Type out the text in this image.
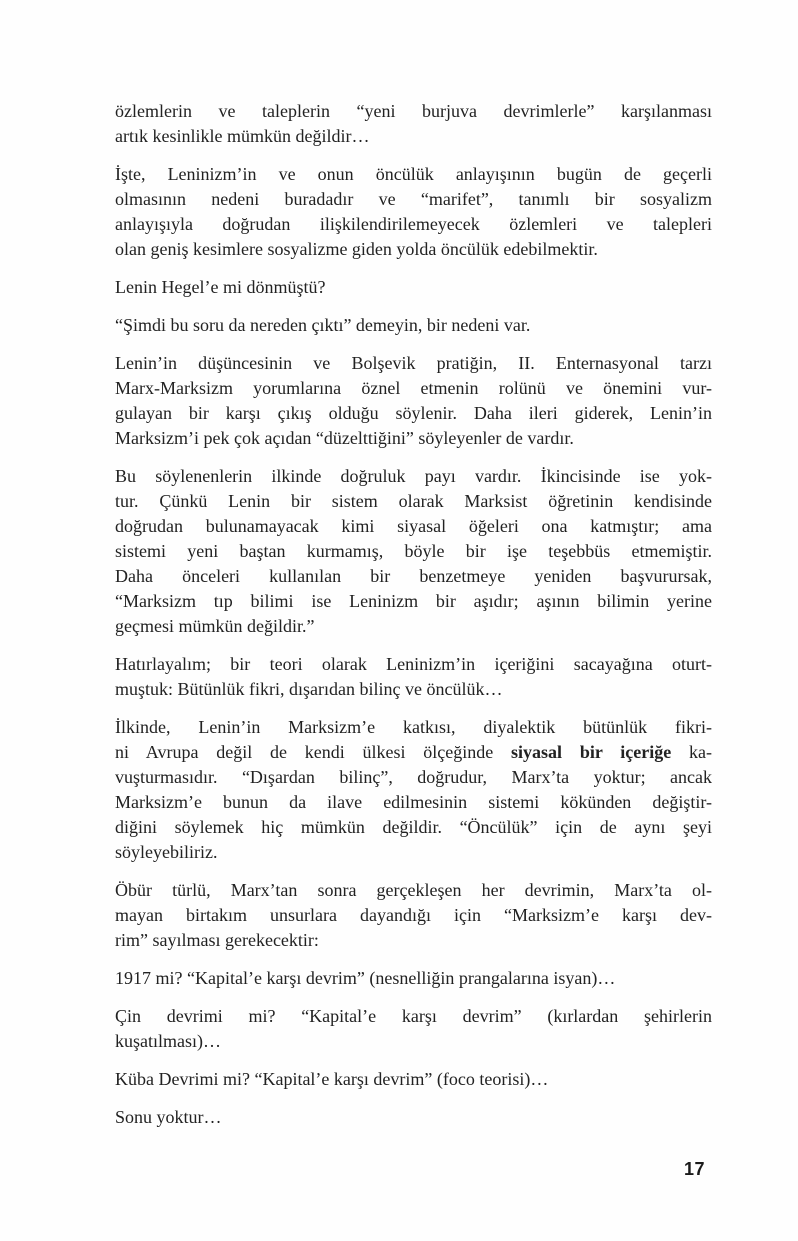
özlemlerin ve taleplerin “yeni burjuva devrimlerle” karşılanması
artık kesinlikle mümkün değildir…
İşte, Leninizm’in ve onun öncülük anlayışının bugün de geçerli
olmasının nedeni buradadır ve “marifet”, tanımlı bir sosyalizm
anlayışıyla doğrudan ilişkilendirilemeyecek özlemleri ve talepleri
olan geniş kesimlere sosyalizme giden yolda öncülük edebilmektir.
Lenin Hegel’e mi dönmüştü?
“Şimdi bu soru da nereden çıktı” demeyin, bir nedeni var.
Lenin’in düşüncesinin ve Bolşevik pratiğin, II. Enternasyonal tarzı
Marx-Marksizm yorumlarına öznel etmenin rolünü ve önemini vur-
gulayan bir karşı çıkış olduğu söylenir. Daha ileri giderek, Lenin’in
Marksizm’i pek çok açıdan “düzelttiğini” söyleyenler de vardır.
Bu söylenenlerin ilkinde doğruluk payı vardır. İkincisinde ise yok-
tur. Çünkü Lenin bir sistem olarak Marksist öğretinin kendisinde
doğrudan bulunamayacak kimi siyasal öğeleri ona katmıştır; ama
sistemi yeni baştan kurmamış, böyle bir işe teşebbüs etmemiştir.
Daha önceleri kullanılan bir benzetmeye yeniden başvurursak,
“Marksizm tıp bilimi ise Leninizm bir aşıdır; aşının bilimin yerine
geçmesi mümkün değildir.”
Hatırlayalım; bir teori olarak Leninizm’in içeriğini sacayağına oturt-
muştuk: Bütünlük fikri, dışarıdan bilinç ve öncülük…
İlkinde, Lenin’in Marksizm’e katkısı, diyalektik bütünlük fikri-
ni Avrupa değil de kendi ülkesi ölçeğinde siyasal bir içeriğe ka-
vuşturmasıdır. “Dışardan bilinç”, doğrudur, Marx’ta yoktur; ancak
Marksizm’e bunun da ilave edilmesinin sistemi kökünden değiştir-
diğini söylemek hiç mümkün değildir. “Öncülük” için de aynı şeyi
söyleyebiliriz.
Öbür türlü, Marx’tan sonra gerçekleşen her devrimin, Marx’ta ol-
mayan birtakım unsurlara dayandığı için “Marksizm’e karşı dev-
rim” sayılması gerekecektir:
1917 mi? “Kapital’e karşı devrim” (nesnelliğin prangalarına isyan)…
Çin devrimi mi? “Kapital’e karşı devrim” (kırlardan şehirlerin
kuşatılması)…
Küba Devrimi mi? “Kapital’e karşı devrim” (foco teorisi)…
Sonu yoktur…
17
